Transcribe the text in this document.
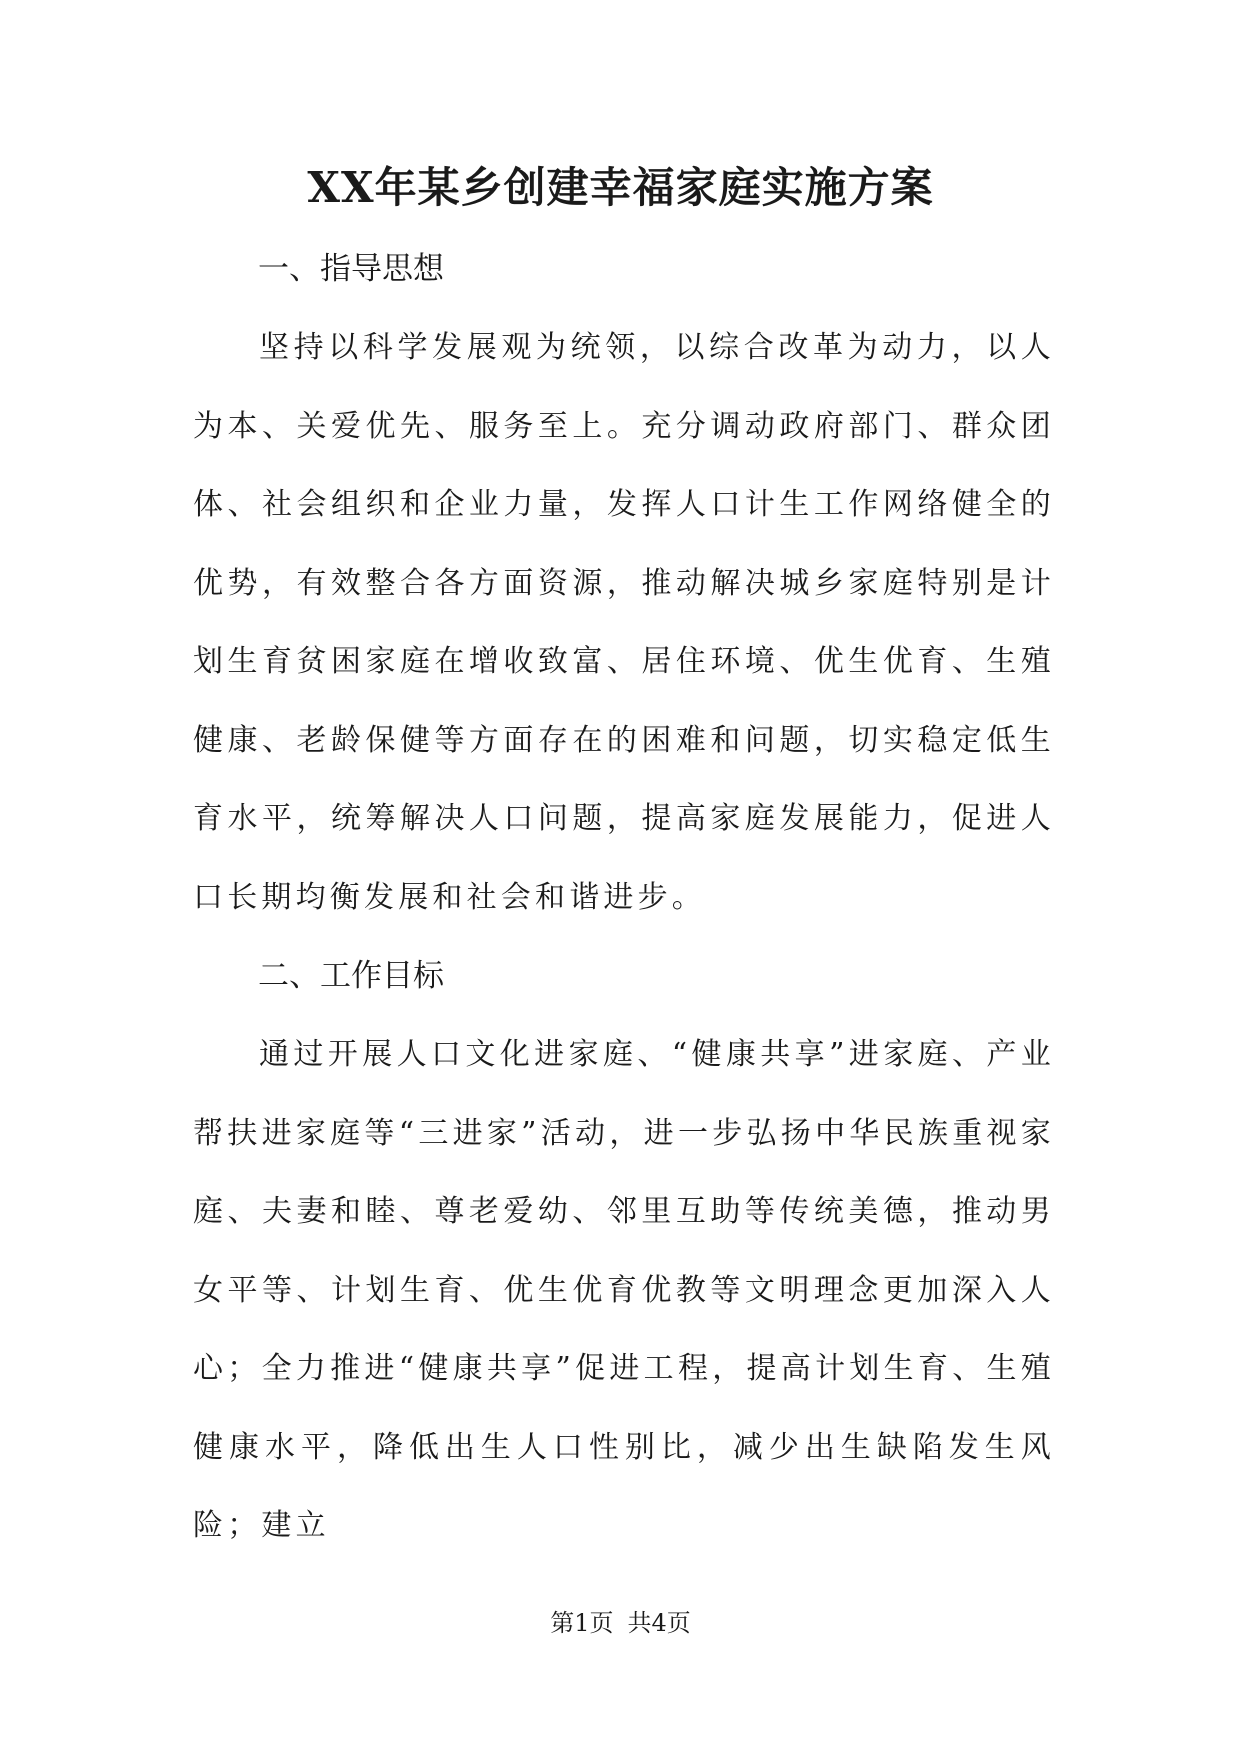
XX年某乡创建幸福家庭实施方案
一、指导思想

坚持以科学发展观为统领，以综合改革为动力，以人为本、关爱优先、服务至上。充分调动政府部门、群众团体、社会组织和企业力量，发挥人口计生工作网络健全的优势，有效整合各方面资源，推动解决城乡家庭特别是计划生育贫困家庭在增收致富、居住环境、优生优育、生殖健康、老龄保健等方面存在的困难和问题，切实稳定低生育水平，统筹解决人口问题，提高家庭发展能力，促进人口长期均衡发展和社会和谐进步。

二、工作目标

通过开展人口文化进家庭、“健康共享”进家庭、产业帮扶进家庭等“三进家”活动，进一步弘扬中华民族重视家庭、夫妻和睦、尊老爱幼、邻里互助等传统美德，推动男女平等、计划生育、优生优育优教等文明理念更加深入人心；全力推进“健康共享”促进工程，提高计划生育、生殖健康水平，降低出生人口性别比，减少出生缺陷发生风险；建立

第1页 共4页
